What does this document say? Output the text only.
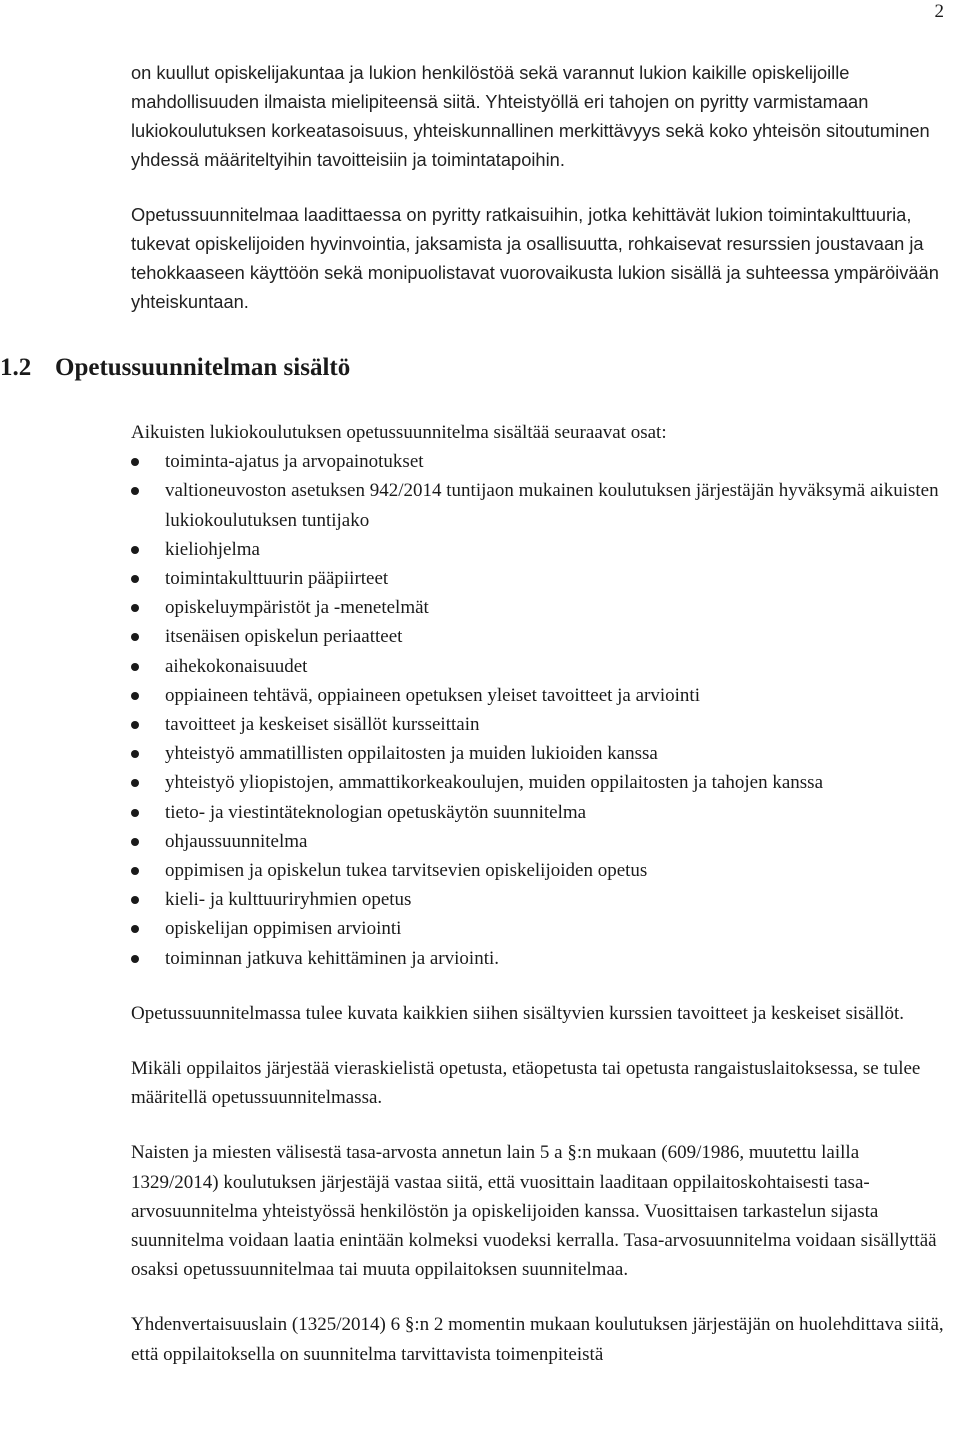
2

on kuullut opiskelijakuntaa ja lukion henkilöstöä sekä varannut lukion kaikille opiskelijoille mahdollisuuden ilmaista mielipiteensä siitä. Yhteistyöllä eri tahojen on pyritty varmistamaan lukiokoulutuksen korkeatasoisuus, yhteiskunnallinen merkittävyys sekä koko yhteisön sitoutuminen yhdessä määriteltyihin tavoitteisiin ja toimintatapoihin.

Opetussuunnitelmaa laadittaessa on pyritty ratkaisuihin, jotka kehittävät lukion toimintakulttuuria, tukevat opiskelijoiden hyvinvointia, jaksamista ja osallisuutta, rohkaisevat resurssien joustavaan ja tehokkaaseen käyttöön sekä monipuolistavat vuorovaikusta lukion sisällä ja suhteessa ympäröivään yhteiskuntaan.

1.2 Opetussuunnitelman sisältö

Aikuisten lukiokoulutuksen opetussuunnitelma sisältää seuraavat osat:

toiminta-ajatus ja arvopainotukset
valtioneuvoston asetuksen 942/2014 tuntijaon mukainen koulutuksen järjestäjän hyväksymä aikuisten lukiokoulutuksen tuntijako
kieliohjelma
toimintakulttuurin pääpiirteet
opiskeluympäristöt ja -menetelmät
itsenäisen opiskelun periaatteet
aihekokonaisuudet
oppiaineen tehtävä, oppiaineen opetuksen yleiset tavoitteet ja arviointi
tavoitteet ja keskeiset sisällöt kursseittain
yhteistyö ammatillisten oppilaitosten ja muiden lukioiden kanssa
yhteistyö yliopistojen, ammattikorkeakoulujen, muiden oppilaitosten ja tahojen kanssa
tieto- ja viestintäteknologian opetuskäytön suunnitelma
ohjaussuunnitelma
oppimisen ja opiskelun tukea tarvitsevien opiskelijoiden opetus
kieli- ja kulttuuriryhmien opetus
opiskelijan oppimisen arviointi
toiminnan jatkuva kehittäminen ja arviointi.

Opetussuunnitelmassa tulee kuvata kaikkien siihen sisältyvien kurssien tavoitteet ja keskeiset sisällöt.

Mikäli oppilaitos järjestää vieraskielistä opetusta, etäopetusta tai opetusta rangaistuslaitoksessa, se tulee määritellä opetussuunnitelmassa.

Naisten ja miesten välisestä tasa-arvosta annetun lain 5 a §:n mukaan (609/1986, muutettu lailla 1329/2014) koulutuksen järjestäjä vastaa siitä, että vuosittain laaditaan oppilaitoskohtaisesti tasa-arvosuunnitelma yhteistyössä henkilöstön ja opiskelijoiden kanssa. Vuosittaisen tarkastelun sijasta suunnitelma voidaan laatia enintään kolmeksi vuodeksi kerralla. Tasa-arvosuunnitelma voidaan sisällyttää osaksi opetussuunnitelmaa tai muuta oppilaitoksen suunnitelmaa.

Yhdenvertaisuuslain (1325/2014) 6 §:n 2 momentin mukaan koulutuksen järjestäjän on huolehdittava siitä, että oppilaitoksella on suunnitelma tarvittavista toimenpiteistä
